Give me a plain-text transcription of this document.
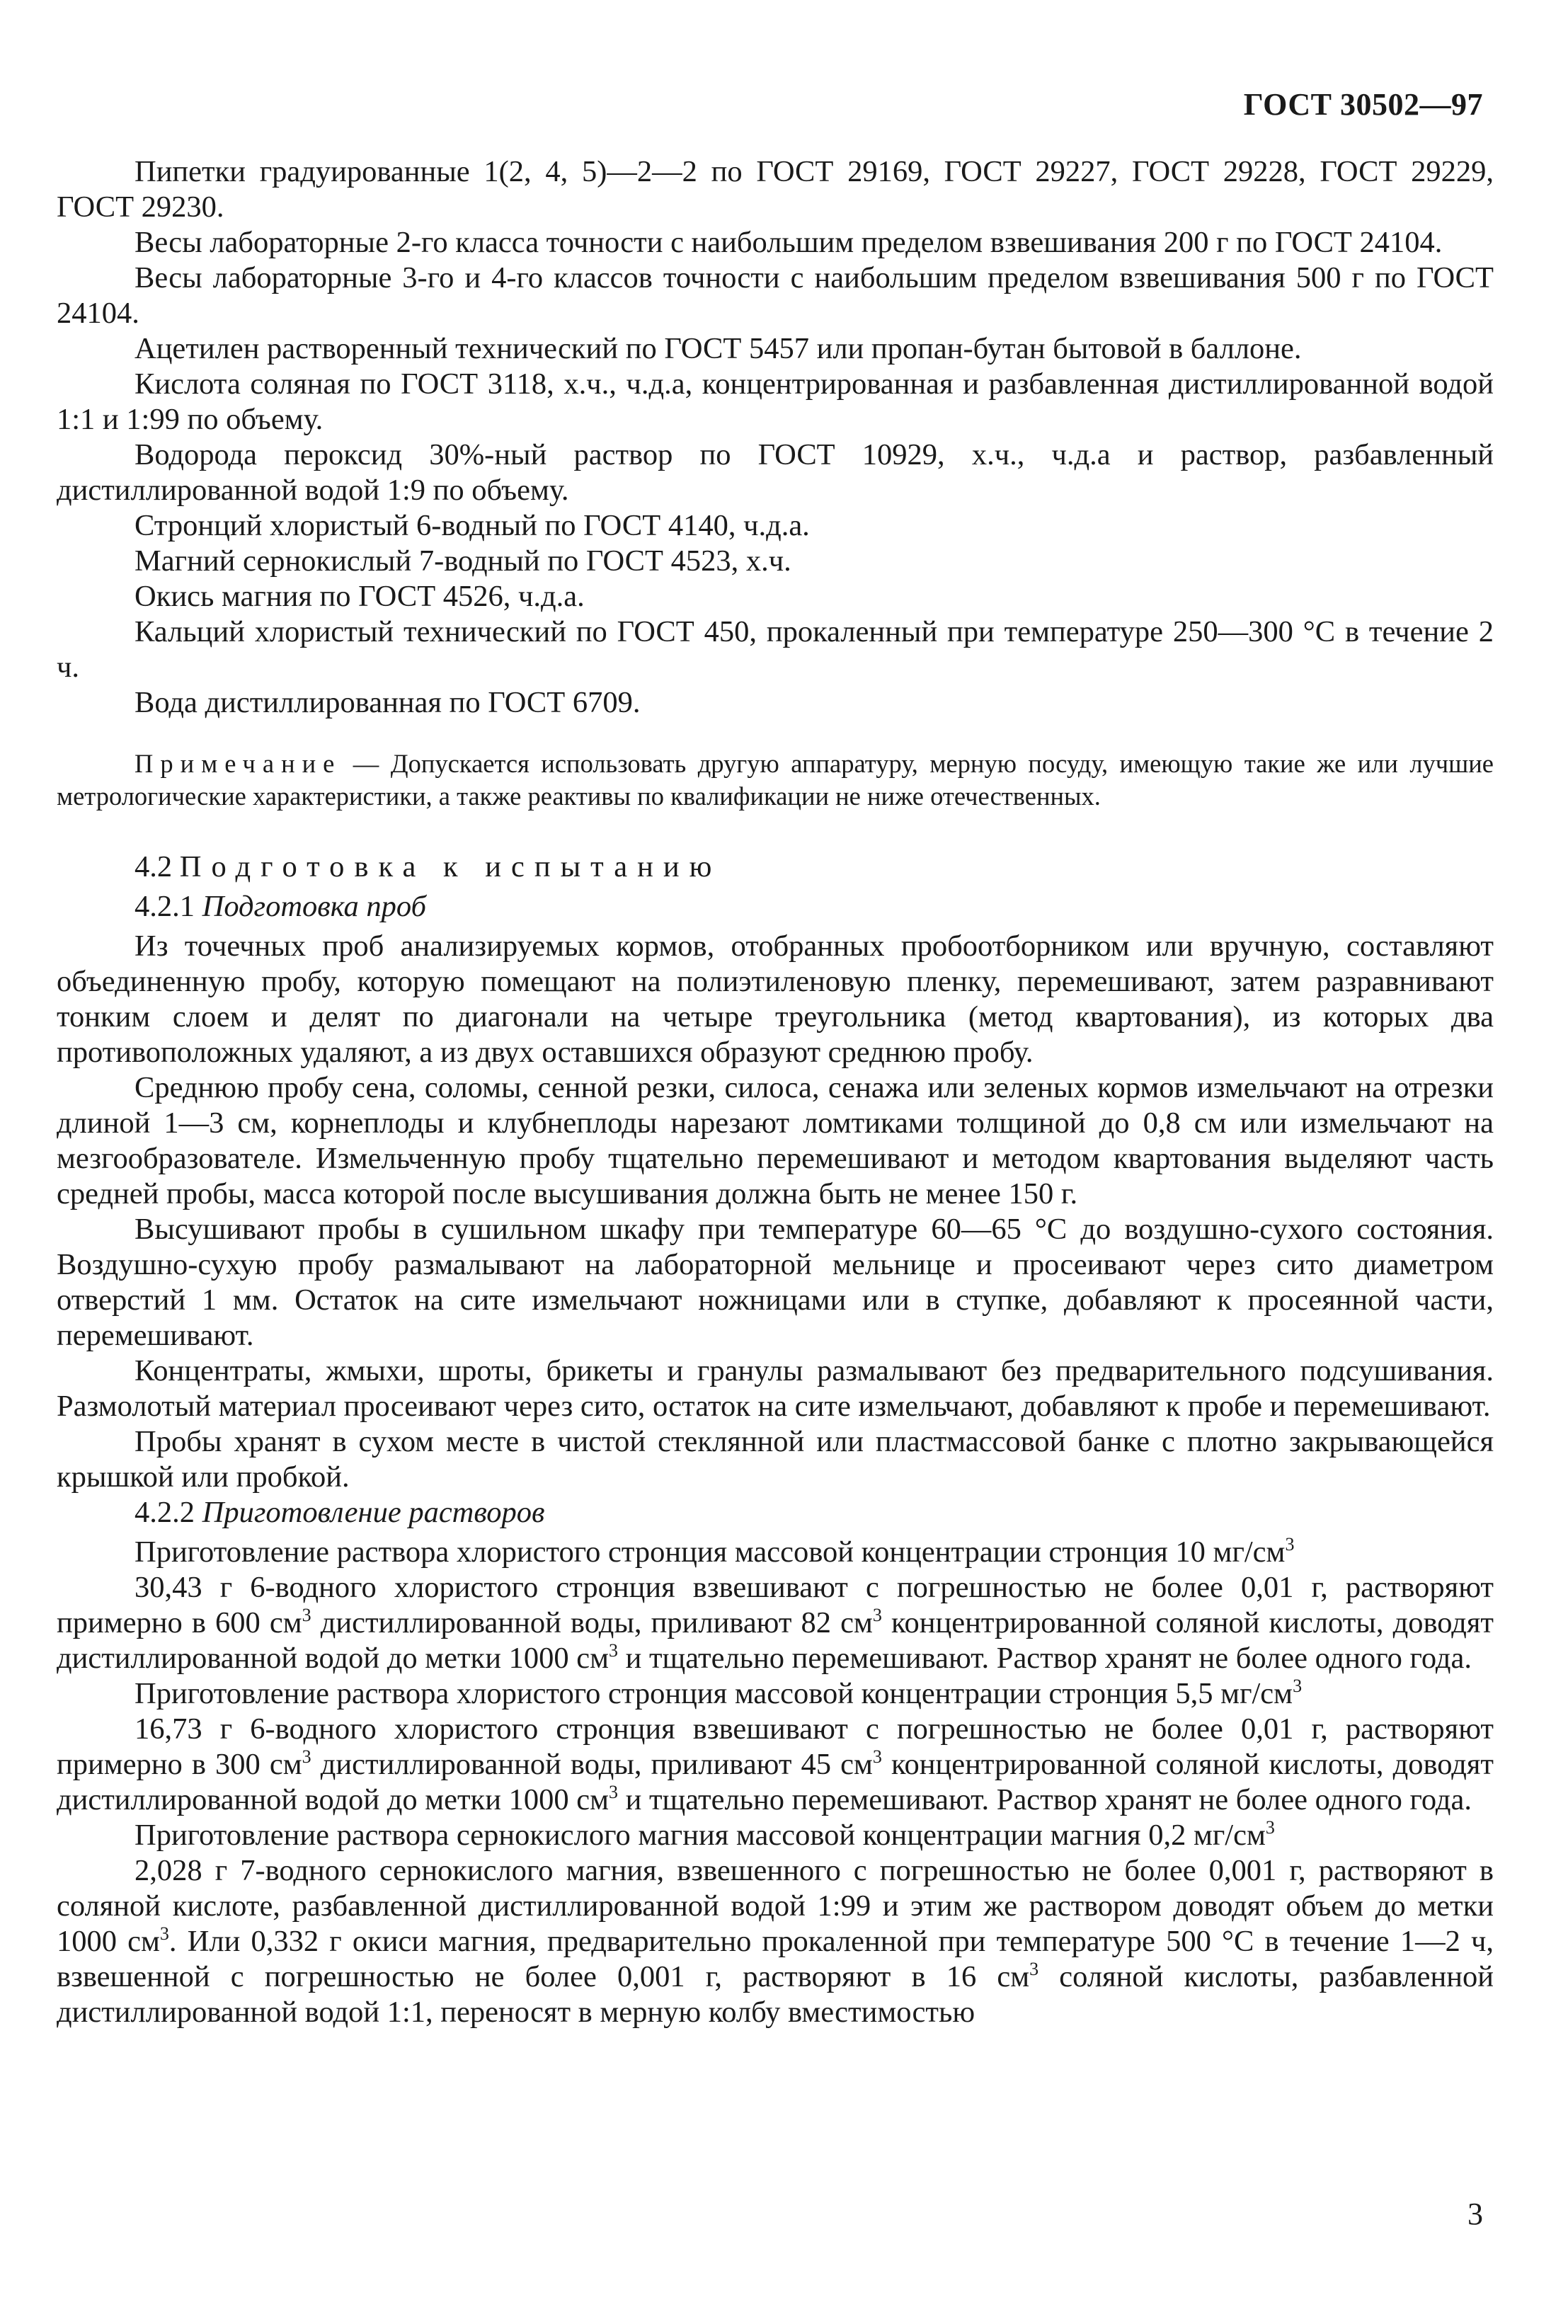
ГОСТ 30502—97

Пипетки градуированные 1(2, 4, 5)—2—2 по ГОСТ 29169, ГОСТ 29227, ГОСТ 29228, ГОСТ 29229, ГОСТ 29230.

Весы лабораторные 2-го класса точности с наибольшим пределом взвешивания 200 г по ГОСТ 24104.

Весы лабораторные 3-го и 4-го классов точности с наибольшим пределом взвешивания 500 г по ГОСТ 24104.

Ацетилен растворенный технический по ГОСТ 5457 или пропан-бутан бытовой в баллоне.

Кислота соляная по ГОСТ 3118, х.ч., ч.д.а, концентрированная и разбавленная дистиллированной водой 1:1 и 1:99 по объему.

Водорода пероксид 30%-ный раствор по ГОСТ 10929, х.ч., ч.д.а и раствор, разбавленный дистиллированной водой 1:9 по объему.

Стронций хлористый 6-водный по ГОСТ 4140, ч.д.а.

Магний сернокислый 7-водный по ГОСТ 4523, х.ч.

Окись магния по ГОСТ 4526, ч.д.а.

Кальций хлористый технический по ГОСТ 450, прокаленный при температуре 250—300 °С в течение 2 ч.

Вода дистиллированная по ГОСТ 6709.

Примечание — Допускается использовать другую аппаратуру, мерную посуду, имеющую такие же или лучшие метрологические характеристики, а также реактивы по квалификации не ниже отечественных.

4.2 Подготовка к испытанию

4.2.1 Подготовка проб

Из точечных проб анализируемых кормов, отобранных пробоотборником или вручную, составляют объединенную пробу, которую помещают на полиэтиленовую пленку, перемешивают, затем разравнивают тонким слоем и делят по диагонали на четыре треугольника (метод квартования), из которых два противоположных удаляют, а из двух оставшихся образуют среднюю пробу.

Среднюю пробу сена, соломы, сенной резки, силоса, сенажа или зеленых кормов измельчают на отрезки длиной 1—3 см, корнеплоды и клубнеплоды нарезают ломтиками толщиной до 0,8 см или измельчают на мезгообразователе. Измельченную пробу тщательно перемешивают и методом квартования выделяют часть средней пробы, масса которой после высушивания должна быть не менее 150 г.

Высушивают пробы в сушильном шкафу при температуре 60—65 °С до воздушно-сухого состояния. Воздушно-сухую пробу размалывают на лабораторной мельнице и просеивают через сито диаметром отверстий 1 мм. Остаток на сите измельчают ножницами или в ступке, добавляют к просеянной части, перемешивают.

Концентраты, жмыхи, шроты, брикеты и гранулы размалывают без предварительного подсушивания. Размолотый материал просеивают через сито, остаток на сите измельчают, добавляют к пробе и перемешивают.

Пробы хранят в сухом месте в чистой стеклянной или пластмассовой банке с плотно закрывающейся крышкой или пробкой.

4.2.2 Приготовление растворов

Приготовление раствора хлористого стронция массовой концентрации стронция 10 $мг/см^3$

30,43 г 6-водного хлористого стронция взвешивают с погрешностью не более 0,01 г, растворяют примерно в 600 $см^3$ дистиллированной воды, приливают 82 $см^3$ концентрированной соляной кислоты, доводят дистиллированной водой до метки 1000 $см^3$ и тщательно перемешивают. Раствор хранят не более одного года.

Приготовление раствора хлористого стронция массовой концентрации стронция 5,5 $мг/см^3$

16,73 г 6-водного хлористого стронция взвешивают с погрешностью не более 0,01 г, растворяют примерно в 300 $см^3$ дистиллированной воды, приливают 45 $см^3$ концентрированной соляной кислоты, доводят дистиллированной водой до метки 1000 $см^3$ и тщательно перемешивают. Раствор хранят не более одного года.

Приготовление раствора сернокислого магния массовой концентрации магния 0,2 $мг/см^3$

2,028 г 7-водного сернокислого магния, взвешенного с погрешностью не более 0,001 г, растворяют в соляной кислоте, разбавленной дистиллированной водой 1:99 и этим же раствором доводят объем до метки 1000 $см^3$. Или 0,332 г окиси магния, предварительно прокаленной при температуре 500 °С в течение 1—2 ч, взвешенной с погрешностью не более 0,001 г, растворяют в 16 $см^3$ соляной кислоты, разбавленной дистиллированной водой 1:1, переносят в мерную колбу вместимостью

3
